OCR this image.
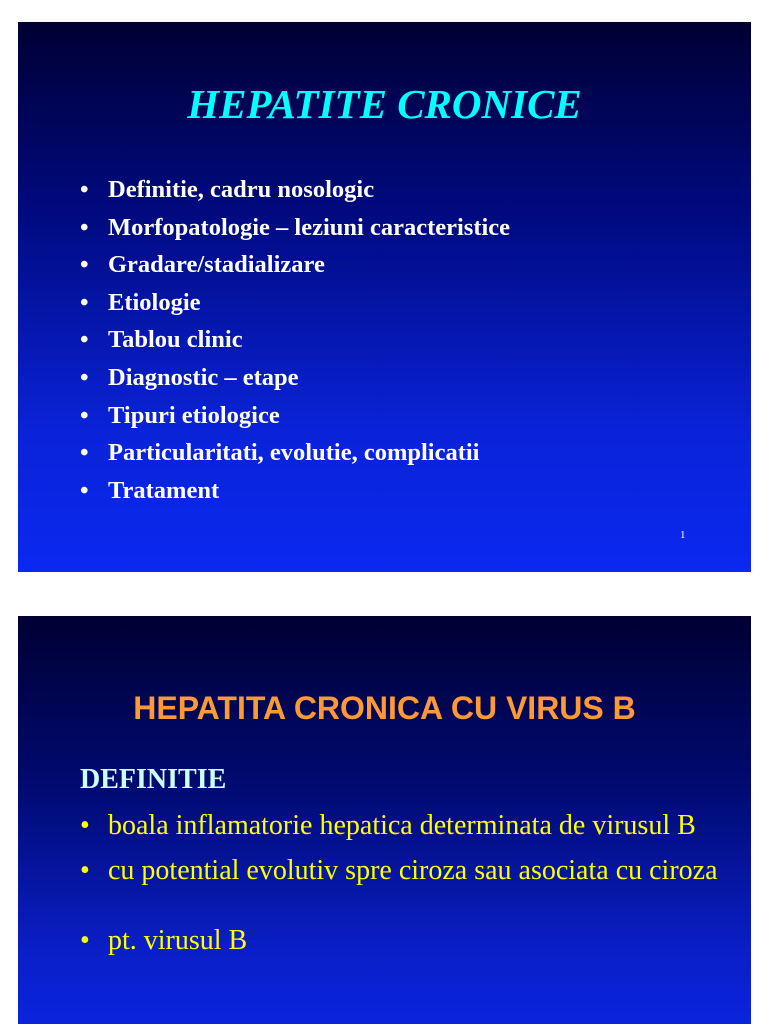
HEPATITE CRONICE
• Definitie, cadru nosologic
• Morfopatologie – leziuni caracteristice
• Gradare/stadializare
• Etiologie
• Tablou clinic
• Diagnostic – etape
• Tipuri etiologice
• Particularitati, evolutie, complicatii
• Tratament
1
HEPATITA CRONICA CU VIRUS B
DEFINITIE
• boala inflamatorie hepatica determinata de virusul B
• cu potential evolutiv spre ciroza sau asociata cu ciroza
• pt. virusul B
